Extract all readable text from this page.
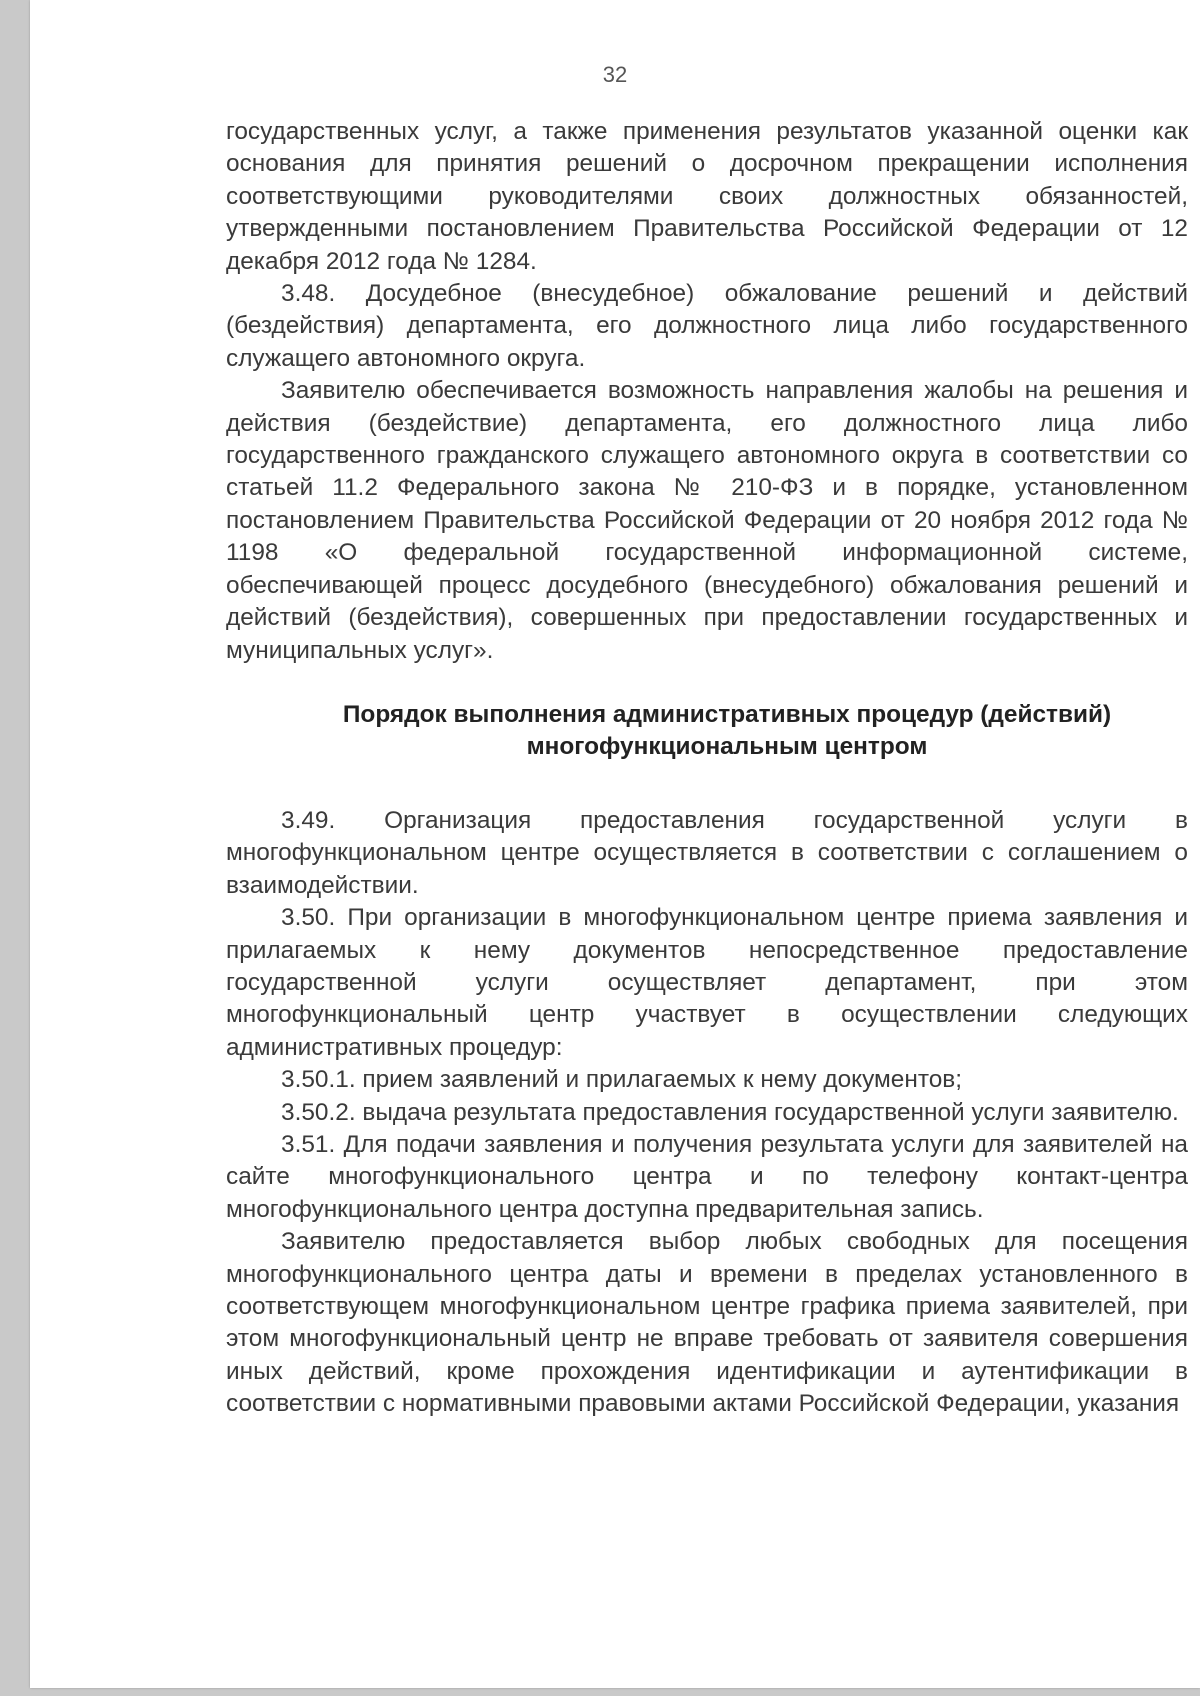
32

государственных услуг, а также применения результатов указанной оценки как основания для принятия решений о досрочном прекращении исполнения соответствующими руководителями своих должностных обязанностей, утвержденными постановлением Правительства Российской Федерации от 12 декабря 2012 года № 1284.

3.48. Досудебное (внесудебное) обжалование решений и действий (бездействия) департамента, его должностного лица либо государственного служащего автономного округа.

Заявителю обеспечивается возможность направления жалобы на решения и действия (бездействие) департамента, его должностного лица либо государственного гражданского служащего автономного округа в соответствии со статьей 11.2 Федерального закона № 210-ФЗ и в порядке, установленном постановлением Правительства Российской Федерации от 20 ноября 2012 года № 1198 «О федеральной государственной информационной системе, обеспечивающей процесс досудебного (внесудебного) обжалования решений и действий (бездействия), совершенных при предоставлении государственных и муниципальных услуг».

Порядок выполнения административных процедур (действий)
многофункциональным центром

3.49. Организация предоставления государственной услуги в многофункциональном центре осуществляется в соответствии с соглашением о взаимодействии.

3.50. При организации в многофункциональном центре приема заявления и прилагаемых к нему документов непосредственное предоставление государственной услуги осуществляет департамент, при этом многофункциональный центр участвует в осуществлении следующих административных процедур:

3.50.1. прием заявлений и прилагаемых к нему документов;

3.50.2. выдача результата предоставления государственной услуги заявителю.

3.51. Для подачи заявления и получения результата услуги для заявителей на сайте многофункционального центра и по телефону контакт-центра многофункционального центра доступна предварительная запись.

Заявителю предоставляется выбор любых свободных для посещения многофункционального центра даты и времени в пределах установленного в соответствующем многофункциональном центре графика приема заявителей, при этом многофункциональный центр не вправе требовать от заявителя совершения иных действий, кроме прохождения идентификации и аутентификации в соответствии с нормативными правовыми актами Российской Федерации, указания
